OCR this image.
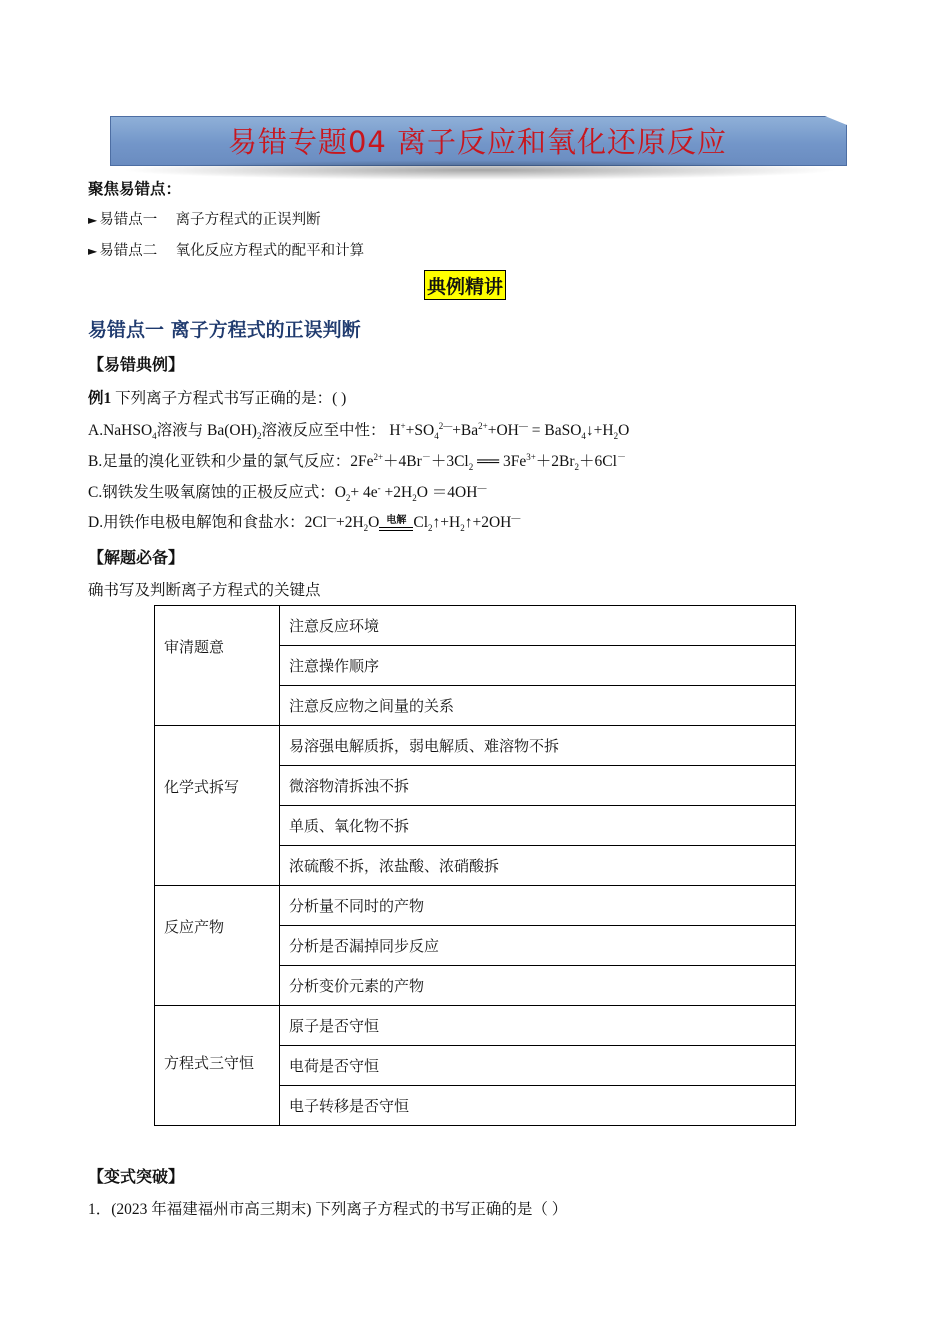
易错专题04 离子反应和氧化还原反应
聚焦易错点：
► 易错点一 离子方程式的正误判断
► 易错点二 氧化反应方程式的配平和计算
典例精讲
易错点一 离子方程式的正误判断
【易错典例】
例1 下列离子方程式书写正确的是：( )
A.NaHSO$_4$溶液与 $Ba(OH)_2$溶液反应至中性： $H^++SO_4^{2—}+Ba^{2+}+OH^—$ = $BaSO_4↓+H_2O$
B.足量的溴化亚铁和少量的氯气反应：$2Fe^{2+}+4Br^-+3Cl_2$ ══ $3Fe^{3+}+2Br_2+6Cl^-$
C.钢铁发生吸氧腐蚀的正极反应式：$O_2+ 4e^- +2H_2O =4OH^—$
D.用铁作电极电解饱和食盐水：$2Cl^—+2H_2O$ 电解 $Cl_2↑+H_2↑+2OH^—$
【解题必备】
确书写及判断离子方程式的关键点
审清题意	注意反应环境
	注意操作顺序
	注意反应物之间量的关系
化学式拆写	易溶强电解质拆，弱电解质、难溶物不拆
	微溶物清拆浊不拆
	单质、氧化物不拆
	浓硫酸不拆，浓盐酸、浓硝酸拆
反应产物	分析量不同时的产物
	分析是否漏掉同步反应
	分析变价元素的产物
方程式三守恒	原子是否守恒
	电荷是否守恒
	电子转移是否守恒
【变式突破】
1．(2023 年福建福州市高三期末) 下列离子方程式的书写正确的是（ ）
